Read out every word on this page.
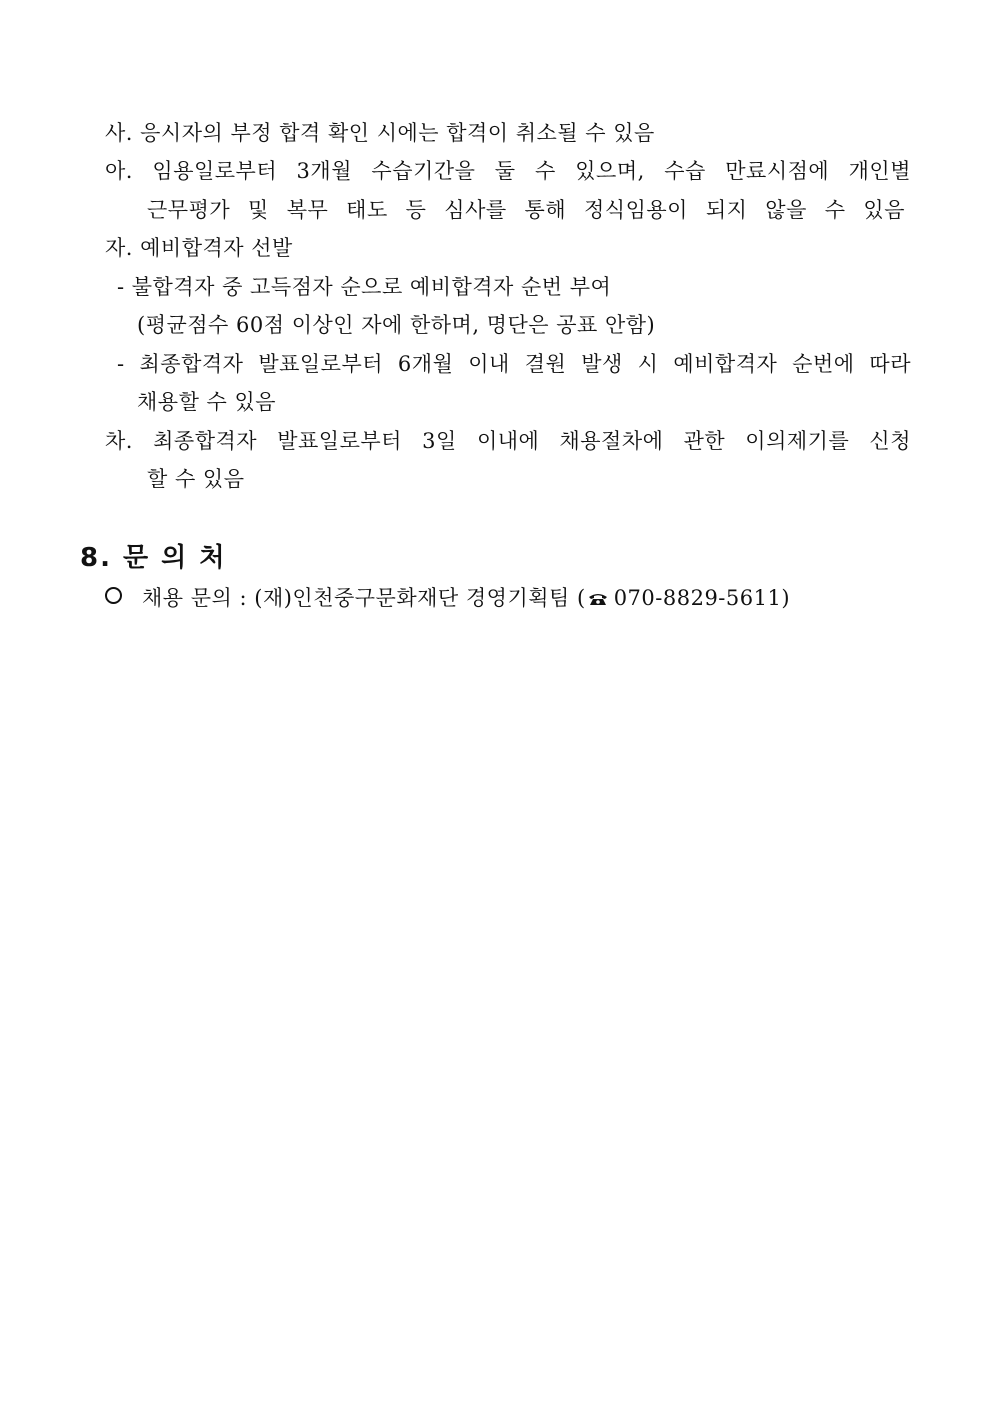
사. 응시자의 부정 합격 확인 시에는 합격이 취소될 수 있음
아. 임용일로부터 3개월 수습기간을 둘 수 있으며, 수습 만료시점에 개인별
근무평가 및 복무 태도 등 심사를 통해 정식임용이 되지 않을 수 있음
자. 예비합격자 선발
- 불합격자 중 고득점자 순으로 예비합격자 순번 부여
(평균점수 60점 이상인 자에 한하며, 명단은 공표 안함)
- 최종합격자 발표일로부터 6개월 이내 결원 발생 시 예비합격자 순번에 따라
채용할 수 있음
차. 최종합격자 발표일로부터 3일 이내에 채용절차에 관한 이의제기를 신청
할 수 있음
8. 문 의 처
채용 문의 : (재)인천중구문화재단 경영기획팀 ( 070-8829-5611)
